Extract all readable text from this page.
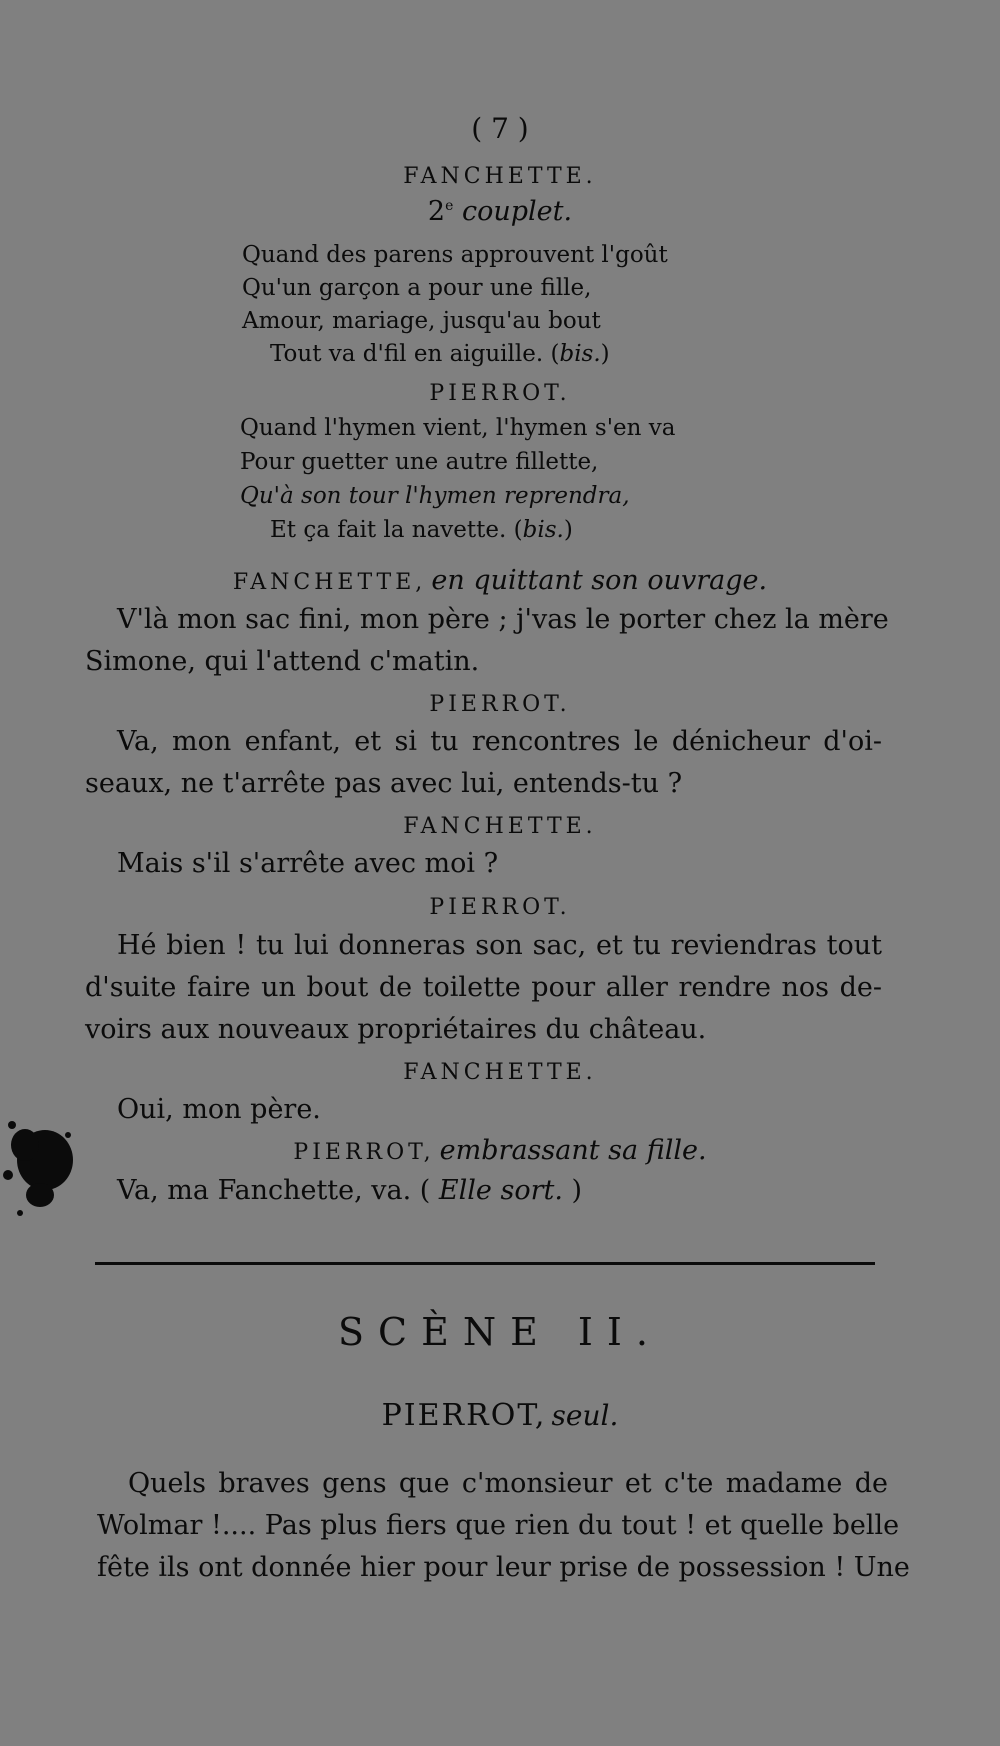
( 7 )
FANCHETTE.
2e couplet.
Quand des parens approuvent l'goût
Qu'un garçon a pour une fille,
Amour, mariage, jusqu'au bout
Tout va d'fil en aiguille. (bis.)
PIERROT.
Quand l'hymen vient, l'hymen s'en va
Pour guetter une autre fillette,
Qu'à son tour l'hymen reprendra,
Et ça fait la navette. (bis.)
FANCHETTE, en quittant son ouvrage.
V'là mon sac fini, mon père ; j'vas le porter chez la mère
Simone, qui l'attend c'matin.
PIERROT.
Va, mon enfant, et si tu rencontres le dénicheur d'oi-
seaux, ne t'arrête pas avec lui, entends-tu ?
FANCHETTE.
Mais s'il s'arrête avec moi ?
PIERROT.
Hé bien ! tu lui donneras son sac, et tu reviendras tout
d'suite faire un bout de toilette pour aller rendre nos de-
voirs aux nouveaux propriétaires du château.
FANCHETTE.
Oui, mon père.
PIERROT, embrassant sa fille.
Va, ma Fanchette, va. ( Elle sort. )
SCÈNE II.
PIERROT, seul.
Quels braves gens que c'monsieur et c'te madame de
Wolmar !.... Pas plus fiers que rien du tout ! et quelle belle
fête ils ont donnée hier pour leur prise de possession ! Une
